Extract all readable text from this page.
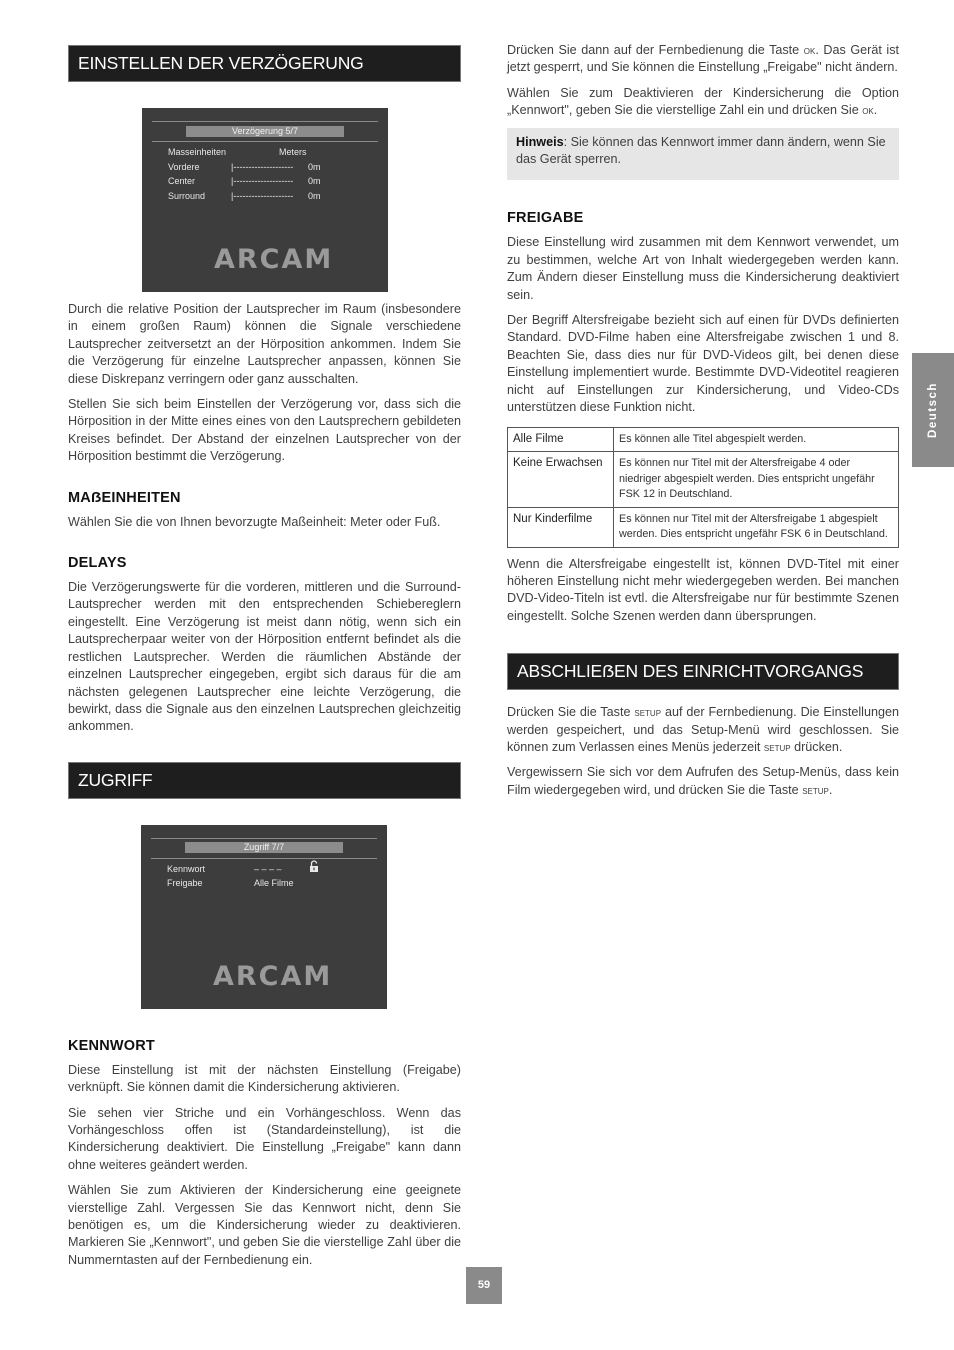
EINSTELLEN DER VERZÖGERUNG
Verzögerung 5/7
Masseinheiten	Meters
Vordere	|-------------------- 0m
Center	|-------------------- 0m
Surround	|-------------------- 0m
ARCAM

Durch die relative Position der Lautsprecher im Raum (insbesondere in einem großen Raum) können die Signale verschiedene Lautsprecher zeitversetzt an der Hörposition ankommen. Indem Sie die Verzögerung für einzelne Lautsprecher anpassen, können Sie diese Diskrepanz verringern oder ganz ausschalten.

Stellen Sie sich beim Einstellen der Verzögerung vor, dass sich die Hörposition in der Mitte eines eines von den Lautsprechern gebildeten Kreises befindet. Der Abstand der einzelnen Lautsprecher von der Hörposition bestimmt die Verzögerung.

MAẞEINHEITEN

Wählen Sie die von Ihnen bevorzugte Maßeinheit: Meter oder Fuß.

DELAYS

Die Verzögerungswerte für die vorderen, mittleren und die Surround-Lautsprecher werden mit den entsprechenden Schiebereglern eingestellt. Eine Verzögerung ist meist dann nötig, wenn sich ein Lautsprecherpaar weiter von der Hörposition entfernt befindet als die restlichen Lautsprecher. Werden die räumlichen Abstände der einzelnen Lautsprecher eingegeben, ergibt sich daraus für die am nächsten gelegenen Lautsprecher eine leichte Verzögerung, die bewirkt, dass die Signale aus den einzelnen Lautsprechen gleichzeitig ankommen.

ZUGRIFF
Zugriff 7/7
Kennwort	– – – –
Freigabe	Alle Filme
ARCAM
KENNWORT

Diese Einstellung ist mit der nächsten Einstellung (Freigabe) verknüpft. Sie können damit die Kindersicherung aktivieren.

Sie sehen vier Striche und ein Vorhängeschloss. Wenn das Vorhängeschloss offen ist (Standardeinstellung), ist die Kindersicherung deaktiviert. Die Einstellung „Freigabe" kann dann ohne weiteres geändert werden.

Wählen Sie zum Aktivieren der Kindersicherung eine geeignete vierstellige Zahl. Vergessen Sie das Kennwort nicht, denn Sie benötigen es, um die Kindersicherung wieder zu deaktivieren. Markieren Sie „Kennwort", und geben Sie die vierstellige Zahl über die Nummerntasten auf der Fernbedienung ein.

Drücken Sie dann auf der Fernbedienung die Taste ok. Das Gerät ist jetzt gesperrt, und Sie können die Einstellung „Freigabe" nicht ändern.

Wählen Sie zum Deaktivieren der Kindersicherung die Option „Kennwort", geben Sie die vierstellige Zahl ein und drücken Sie ok.

Hinweis: Sie können das Kennwort immer dann ändern, wenn Sie das Gerät sperren.

FREIGABE

Diese Einstellung wird zusammen mit dem Kennwort verwendet, um zu bestimmen, welche Art von Inhalt wiedergegeben werden kann. Zum Ändern dieser Einstellung muss die Kindersicherung deaktiviert sein.

Der Begriff Altersfreigabe bezieht sich auf einen für DVDs definierten Standard. DVD-Filme haben eine Altersfreigabe zwischen 1 und 8. Beachten Sie, dass dies nur für DVD-Videos gilt, bei denen diese Einstellung implementiert wurde. Bestimmte DVD-Videotitel reagieren nicht auf Einstellungen zur Kindersicherung, und Video-CDs unterstützen diese Funktion nicht.

Alle Filme	Es können alle Titel abgespielt werden.
Keine Erwachsen	Es können nur Titel mit der Altersfreigabe 4 oder niedriger abgespielt werden. Dies entspricht ungefähr FSK 12 in Deutschland.
Nur Kinderfilme	Es können nur Titel mit der Altersfreigabe 1 abgespielt werden. Dies entspricht ungefähr FSK 6 in Deutschland.

Wenn die Altersfreigabe eingestellt ist, können DVD-Titel mit einer höheren Einstellung nicht mehr wiedergegeben werden. Bei manchen DVD-Video-Titeln ist evtl. die Altersfreigabe nur für bestimmte Szenen eingestellt. Solche Szenen werden dann übersprungen.

ABSCHLIEẞEN DES EINRICHTVORGANGS

Drücken Sie die Taste setup auf der Fernbedienung. Die Einstellungen werden gespeichert, und das Setup-Menü wird geschlossen. Sie können zum Verlassen eines Menüs jederzeit setup drücken.

Vergewissern Sie sich vor dem Aufrufen des Setup-Menüs, dass kein Film wiedergegeben wird, und drücken Sie die Taste setup.

Deutsch
59
